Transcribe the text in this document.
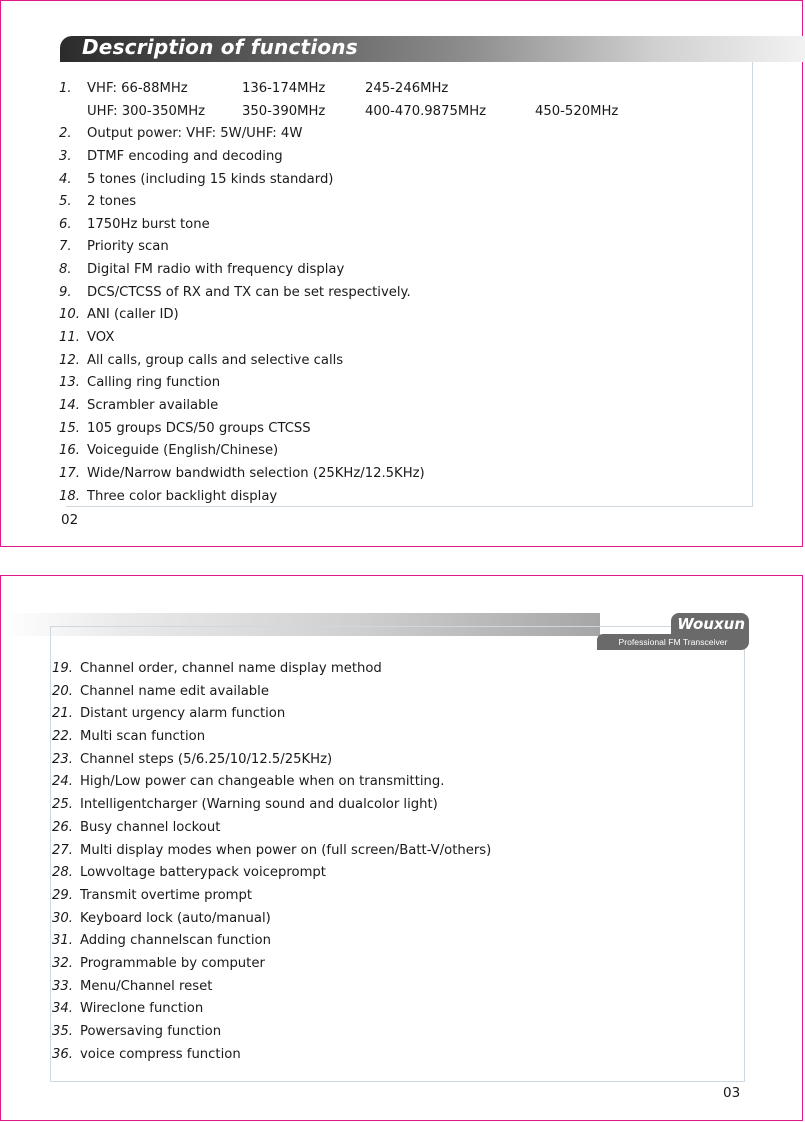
Description of functions
1.	VHF: 66-88MHz	136-174MHz	245-246MHz
UHF: 300-350MHz	350-390MHz	400-470.9875MHz	450-520MHz
2.	Output power: VHF: 5W/UHF: 4W
3.	DTMF encoding and decoding
4.	5 tones (including 15 kinds standard)
5.	2 tones
6.	1750Hz burst tone
7.	Priority scan
8.	Digital FM radio with frequency display
9.	DCS/CTCSS of RX and TX can be set respectively.
10. ANI (caller ID)
11. VOX
12. All calls, group calls and selective calls
13. Calling ring function
14. Scrambler available
15. 105 groups DCS/50 groups CTCSS
16. Voiceguide (English/Chinese)
17. Wide/Narrow bandwidth selection (25KHz/12.5KHz)
18. Three color backlight display
02
Wouxun
Professional FM Transceiver
19. Channel order, channel name display method
20. Channel name edit available
21. Distant urgency alarm function
22. Multi scan function
23. Channel steps (5/6.25/10/12.5/25KHz)
24. High/Low power can changeable when on transmitting.
25. Intelligentcharger (Warning sound and dualcolor light)
26. Busy channel lockout
27. Multi display modes when power on (full screen/Batt-V/others)
28. Lowvoltage batterypack voiceprompt
29. Transmit overtime prompt
30. Keyboard lock (auto/manual)
31. Adding channelscan function
32. Programmable by computer
33. Menu/Channel reset
34. Wireclone function
35. Powersaving function
36. voice compress function
03
